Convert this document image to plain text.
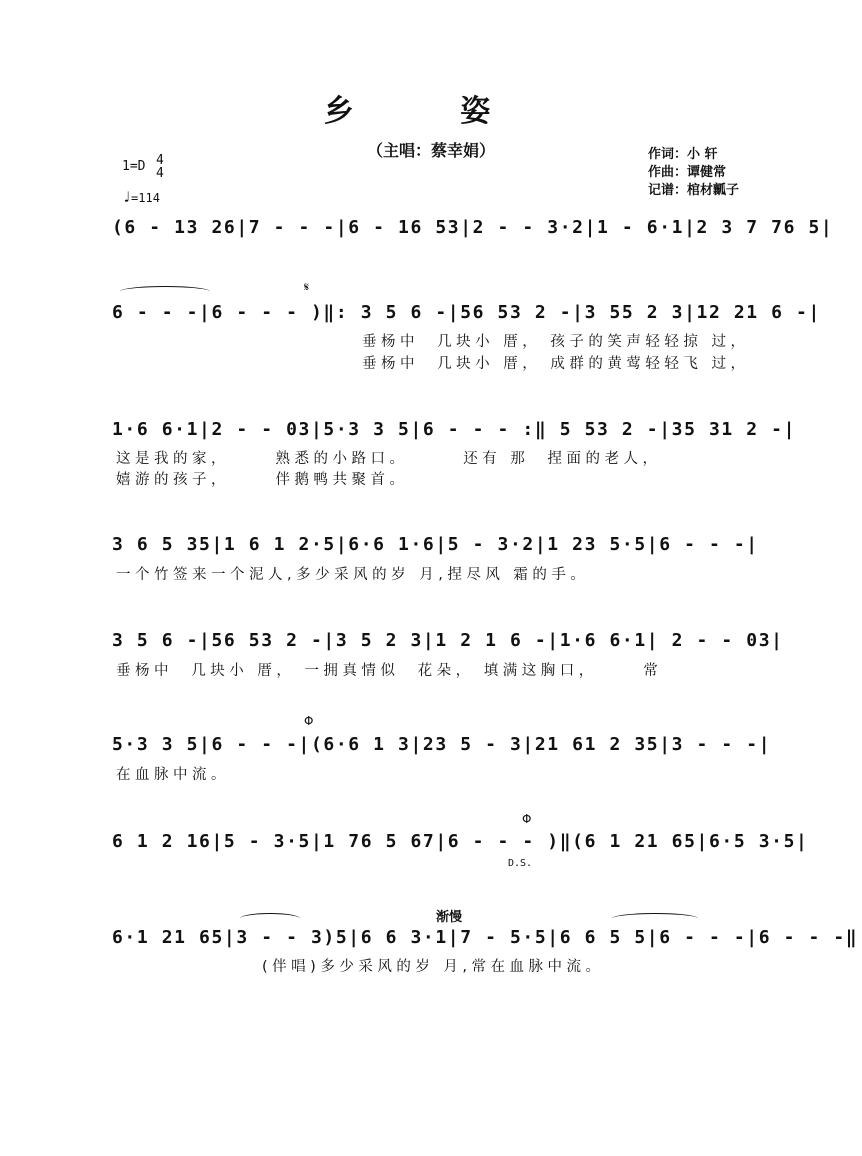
乡 姿
（主唱：蔡幸娟）	作词：小 轩
作曲：谭健常
记谱：棺材瓤子
1=D 4
4
♩=114
(6 - 13 26|7 - - -|6 - 16 53|2 - - 3·2|1 - 6·1|2 3 7 76 5|
𝄋
6 - - -|6 - - - )‖: 3 5 6 -|56 53 2 -|3 55 2 3|12 21 6 -|
垂杨中  几块小 厝， 孩子的笑声轻轻掠 过，
垂杨中  几块小 厝， 成群的黄莺轻轻飞 过，
1·6 6·1|2 - - 03|5·3 3 5|6 - - - :‖ 5 53 2 -|35 31 2 -|
这是我的家，     熟悉的小路口。      还有 那  捏面的老人，
嬉游的孩子，     伴鹅鸭共聚首。
3 6 5 35|1 6 1 2·5|6·6 1·6|5 - 3·2|1 23 5·5|6 - - -|
一个竹签来一个泥人,多少采风的岁 月,捏尽风 霜的手。
3 5 6 -|56 53 2 -|3 5 2 3|1 2 1 6 -|1·6 6·1| 2 - - 03|
垂杨中  几块小 厝， 一拥真情似  花朵， 填满这胸口，     常
Φ
5·3 3 5|6 - - -|(6·6 1 3|23 5 - 3|21 61 2 35|3 - - -|
在血脉中流。
Φ
6 1 2 16|5 - 3·5|1 76 5 67|6 - - - )‖(6 1 21 65|6·5 3·5|
D.S.
渐慢
6·1 21 65|3 - - 3)5|6 6 3·1|7 - 5·5|6 6 5 5|6 - - -|6 - - -‖
(伴唱)多少采风的岁 月,常在血脉中流。
